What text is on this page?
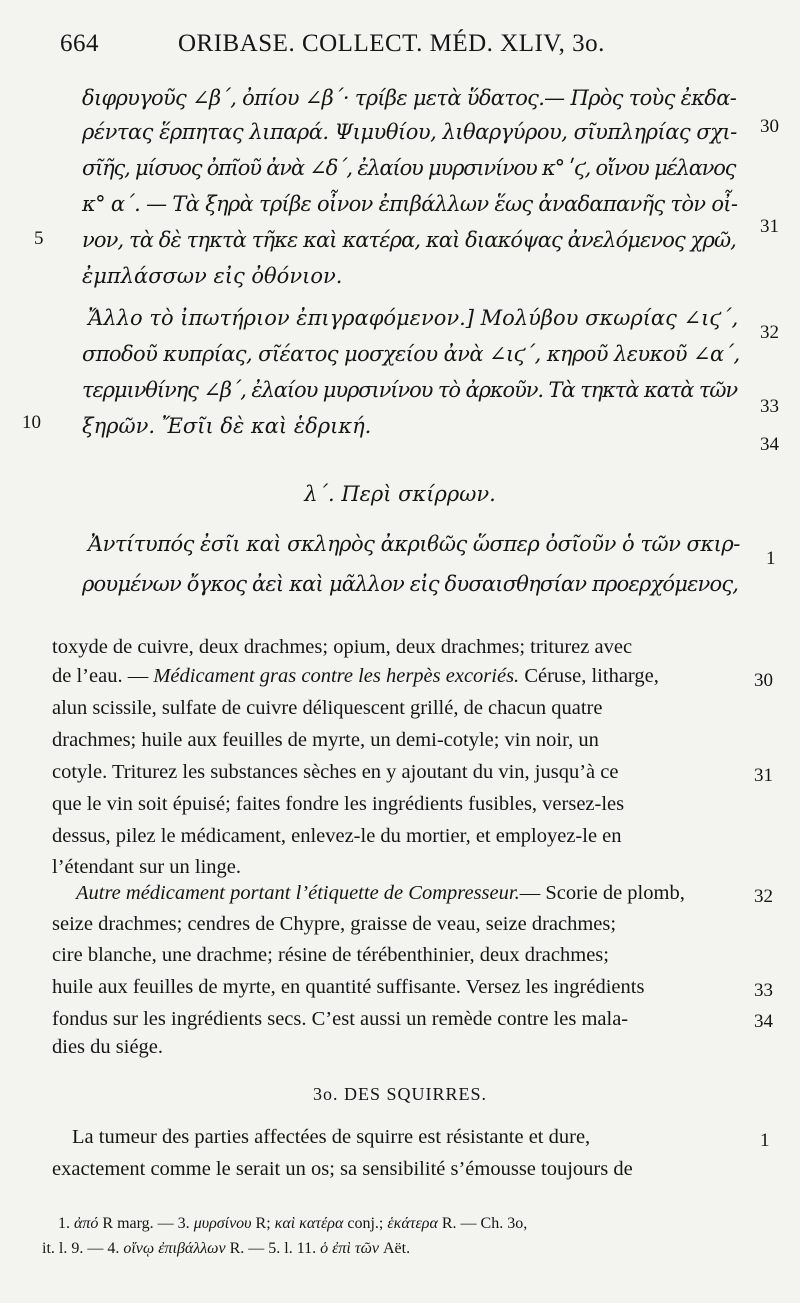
664	ORIBASE. COLLECT. MÉD. XLIV, 3o.
διφρυγοῦς ∠β΄, ὀπίου ∠β΄· τρίβε μετὰ ὕδατος.— Πρὸς τοὺς ἐκδα-
ρέντας ἕρπητας λιπαρά. Ψιμυθίου, λιθαργύρου, σῖυπληρίας σχι-
σῖῆς, μίσυος ὀπῖοῦ ἀνὰ ∠δ΄, ἐλαίου μυρσινίνου κ° ʹϛ, οἴνου μέλανος
κ° α΄. — Τὰ ξηρὰ τρίβε οἶνον ἐπιβάλλων ἕως ἀναδαπανῆς τὸν οἶ-
νον, τὰ δὲ τηκτὰ τῆκε καὶ κατέρα, καὶ διακόψας ἀνελόμενος χρῶ,
ἐμπλάσσων εἰς ὀθόνιον.
Ἄλλο τὸ ἰπωτήριον ἐπιγραφόμενον.] Μολύβου σκωρίας ∠ιϛ΄,
σποδοῦ κυπρίας, σῖέατος μοσχείου ἀνὰ ∠ιϛ΄, κηροῦ λευκοῦ ∠α΄,
τερμινθίνης ∠β΄, ἐλαίου μυρσινίνου τὸ ἀρκοῦν. Τὰ τηκτὰ κατὰ τῶν
ξηρῶν. Ἔσῖι δὲ καὶ ἑδρική.
λ΄. Περὶ σκίρρων.
Ἀντίτυπός ἐσῖι καὶ σκληρὸς ἀκριϐῶς ὥσπερ ὀσῖοῦν ὁ τῶν σκιρ-
ρουμένων ὄγκος ἀεὶ καὶ μᾶλλον εἰς δυσαισθησίαν προερχόμενος,
toxyde de cuivre, deux drachmes; opium, deux drachmes; triturez avec
de l’eau. — Médicament gras contre les herpès excoriés. Céruse, litharge,
alun scissile, sulfate de cuivre déliquescent grillé, de chacun quatre
drachmes; huile aux feuilles de myrte, un demi-cotyle; vin noir, un
cotyle. Triturez les substances sèches en y ajoutant du vin, jusqu’à ce
que le vin soit épuisé; faites fondre les ingrédients fusibles, versez-les
dessus, pilez le médicament, enlevez-le du mortier, et employez-le en
l’étendant sur un linge.
Autre médicament portant l’étiquette de Compresseur.— Scorie de plomb,
seize drachmes; cendres de Chypre, graisse de veau, seize drachmes;
cire blanche, une drachme; résine de térébenthinier, deux drachmes;
huile aux feuilles de myrte, en quantité suffisante. Versez les ingrédients
fondus sur les ingrédients secs. C’est aussi un remède contre les mala-
dies du siége.
3o. DES SQUIRRES.
La tumeur des parties affectées de squirre est résistante et dure,
exactement comme le serait un os; sa sensibilité s’émousse toujours de
30
31
5
32
33
10
34
1
30
31
32
33
34
1
1. ἀπό R marg. — 3. μυρσίνου R; καὶ κατέρα conj.; ἑκάτερα R. — Ch. 3o,
it. l. 9. — 4. οἴνῳ ἐπιβάλλων R. — 5. l. 11. ὁ ἐπὶ τῶν Aët.
